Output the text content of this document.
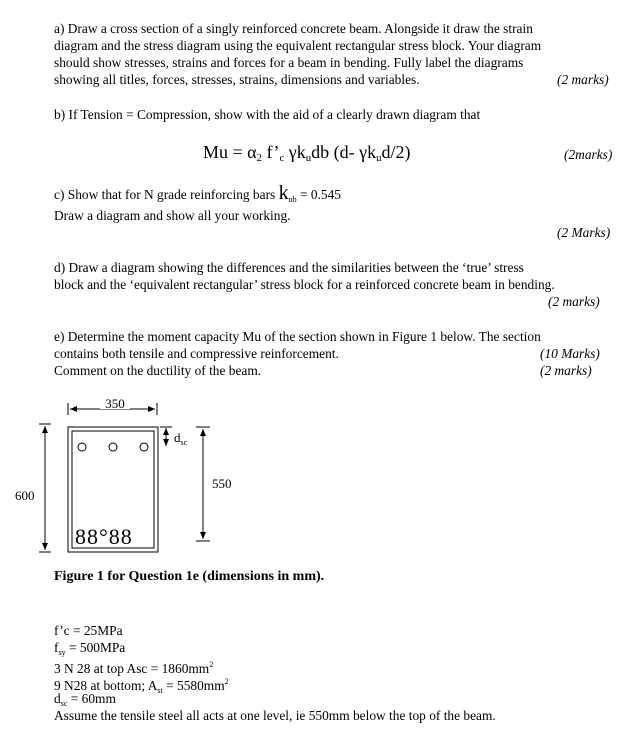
a) Draw a cross section of a singly reinforced concrete beam. Alongside it draw the strain
diagram and the stress diagram using the equivalent rectangular stress block. Your diagram
should show stresses, strains and forces for a beam in bending. Fully label the diagrams
showing all titles, forces, stresses, strains, dimensions and variables.	(2 marks)
b) If Tension = Compression, show with the aid of a clearly drawn diagram that
$Mu = \alpha_2$ $f’_c$ $\gamma k_udb$ (d- $\gamma k_ud/2$)	(2marks)
c) Show that for N grade reinforcing bars $k_{ub} = 0.545$
Draw a diagram and show all your working.
(2 Marks)
d) Draw a diagram showing the differences and the similarities between the ‘true’ stress
block and the ‘equivalent rectangular’ stress block for a reinforced concrete beam in bending.
(2 marks)
e) Determine the moment capacity Mu of the section shown in Figure 1 below. The section
contains both tensile and compressive reinforcement.
Comment on the ductility of the beam.
(10 Marks)
(2 marks)
350
600
88°88
$d_{sc}$
550
Figure 1 for Question 1e (dimensions in mm).
f’c = 25MPa
$f_{sy} = 500MPa$
3 N 28 at top Asc = $1860mm^2$
9 N28 at bottom; $A_{st} = 5580mm^2$
$d_{sc} = 60mm$
Assume the tensile steel all acts at one level, ie 550mm below the top of the beam.
